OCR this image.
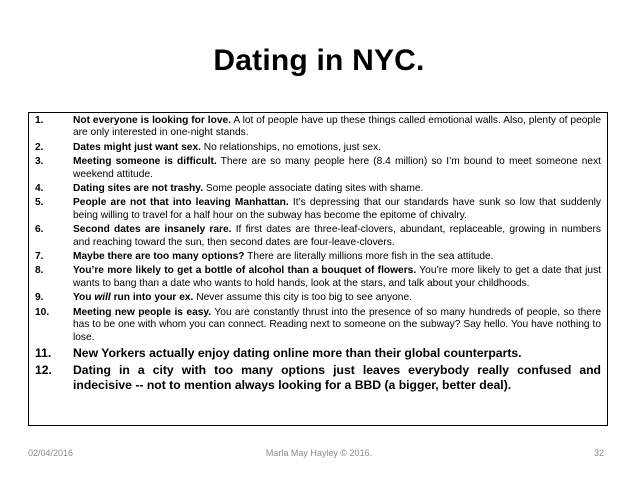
Dating in NYC.
1.	Not everyone is looking for love. A lot of people have up these things called emotional walls. Also, plenty of people are only interested in one-night stands.
2.	Dates might just want sex. No relationships, no emotions, just sex.
3.	Meeting someone is difficult. There are so many people here (8.4 million) so I’m bound to meet someone next weekend attitude.
4.	Dating sites are not trashy. Some people associate dating sites with shame.
5.	People are not that into leaving Manhattan. It’s depressing that our standards have sunk so low that suddenly being willing to travel for a half hour on the subway has become the epitome of chivalry.
6.	Second dates are insanely rare. If first dates are three-leaf-clovers, abundant, replaceable, growing in numbers and reaching toward the sun, then second dates are four-leave-clovers.
7.	Maybe there are too many options? There are literally millions more fish in the sea attitude.
8.	You’re more likely to get a bottle of alcohol than a bouquet of flowers. You’re more likely to get a date that just wants to bang than a date who wants to hold hands, look at the stars, and talk about your childhoods.
9.	You will run into your ex. Never assume this city is too big to see anyone.
10.	Meeting new people is easy. You are constantly thrust into the presence of so many hundreds of people, so there has to be one with whom you can connect. Reading next to someone on the subway? Say hello. You have nothing to lose.
11.	New Yorkers actually enjoy dating online more than their global counterparts.
12.	Dating in a city with too many options just leaves everybody really confused and indecisive -- not to mention always looking for a BBD (a bigger, better deal).
02/04/2016	Marla May Hayley © 2016.	32
